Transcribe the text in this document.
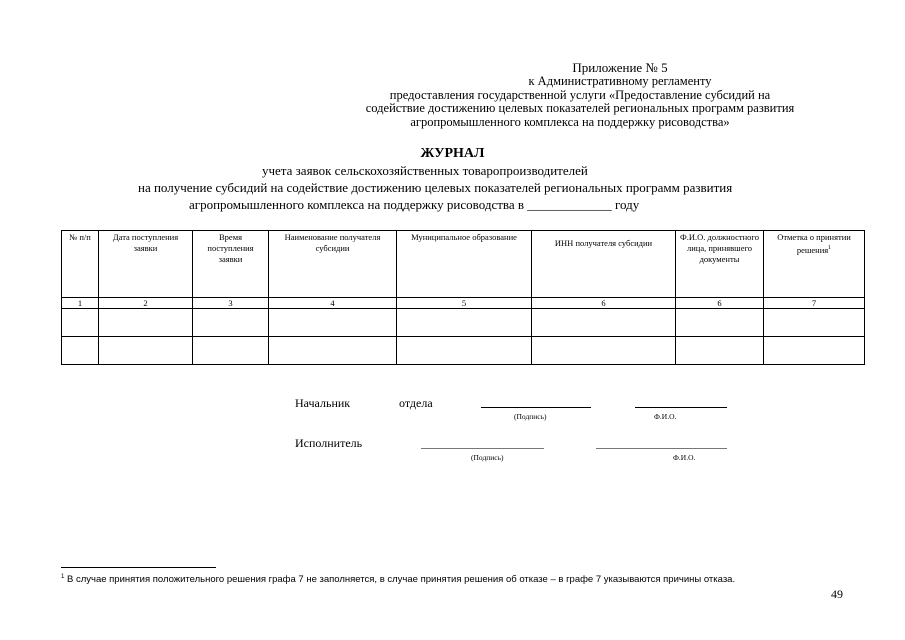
Приложение № 5
к Административному регламенту
предоставления государственной услуги «Предоставление субсидий на
содействие достижению целевых показателей региональных программ развития
агропромышленного комплекса на поддержку рисоводства»
ЖУРНАЛ
учета заявок сельскохозяйственных товаропроизводителей
на получение субсидий на содействие достижению целевых показателей региональных программ развития
агропромышленного комплекса на поддержку рисоводства в _____________ году
№ п/п	Дата поступления заявки	Время поступления заявки	Наименование получателя субсидии	Муниципальное образование	ИНН получателя субсидии	Ф.И.О. должностного лица, принявшего документы	Отметка о принятии решения$^1$
1	2	3	4	5	6	6	7

Начальник	отдела
(Подпись)	Ф.И.О.
Исполнитель
(Подпись)	Ф.И.О.
$^1$ В случае принятия положительного решения графа 7 не заполняется, в случае принятия решения об отказе – в графе 7 указываются причины отказа.
49
